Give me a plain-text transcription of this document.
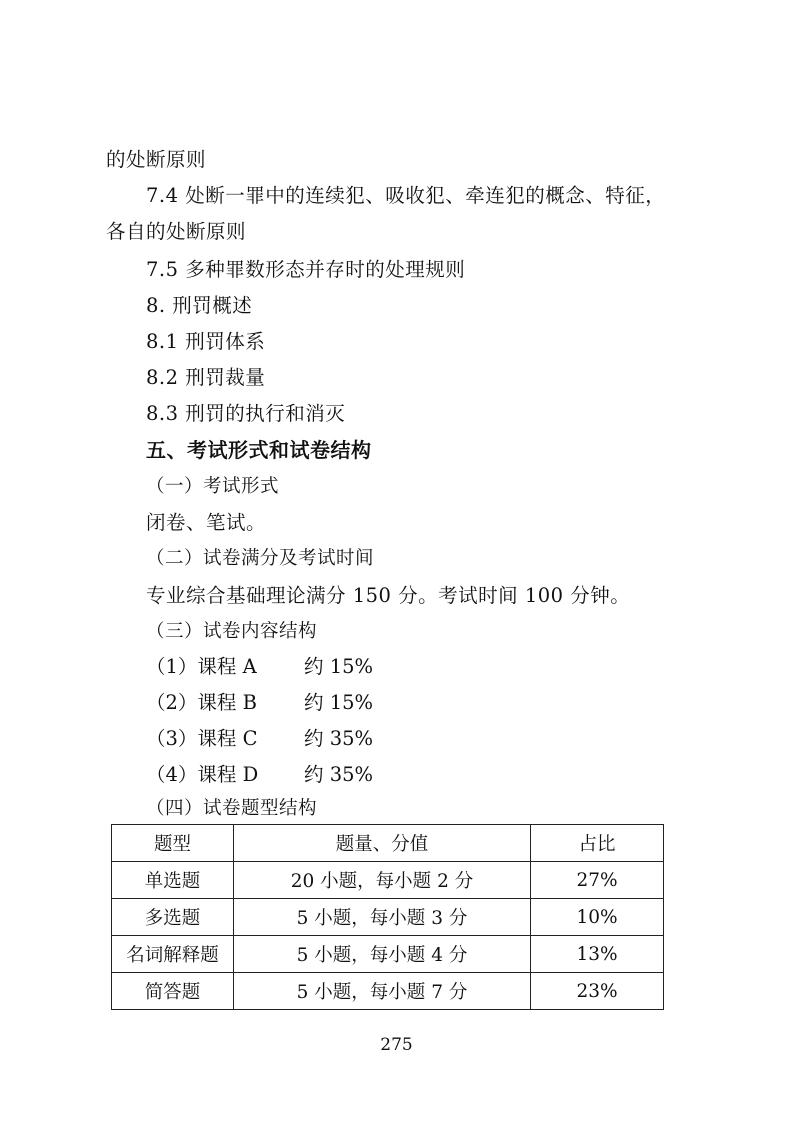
的处断原则
7.4 处断一罪中的连续犯、吸收犯、牵连犯的概念、特征，
各自的处断原则
7.5 多种罪数形态并存时的处理规则
8. 刑罚概述
8.1 刑罚体系
8.2 刑罚裁量
8.3 刑罚的执行和消灭
五、考试形式和试卷结构
（一）考试形式
闭卷、笔试。
（二）试卷满分及考试时间
专业综合基础理论满分 150 分。考试时间 100 分钟。
（三）试卷内容结构
（1）课程 A 约 15%
（2）课程 B 约 15%
（3）课程 C 约 35%
（4）课程 D 约 35%
（四）试卷题型结构
题型	题量、分值	占比
单选题	20 小题，每小题 2 分	27%
多选题	5 小题，每小题 3 分	10%
名词解释题	5 小题，每小题 4 分	13%
简答题	5 小题，每小题 7 分	23%
275
